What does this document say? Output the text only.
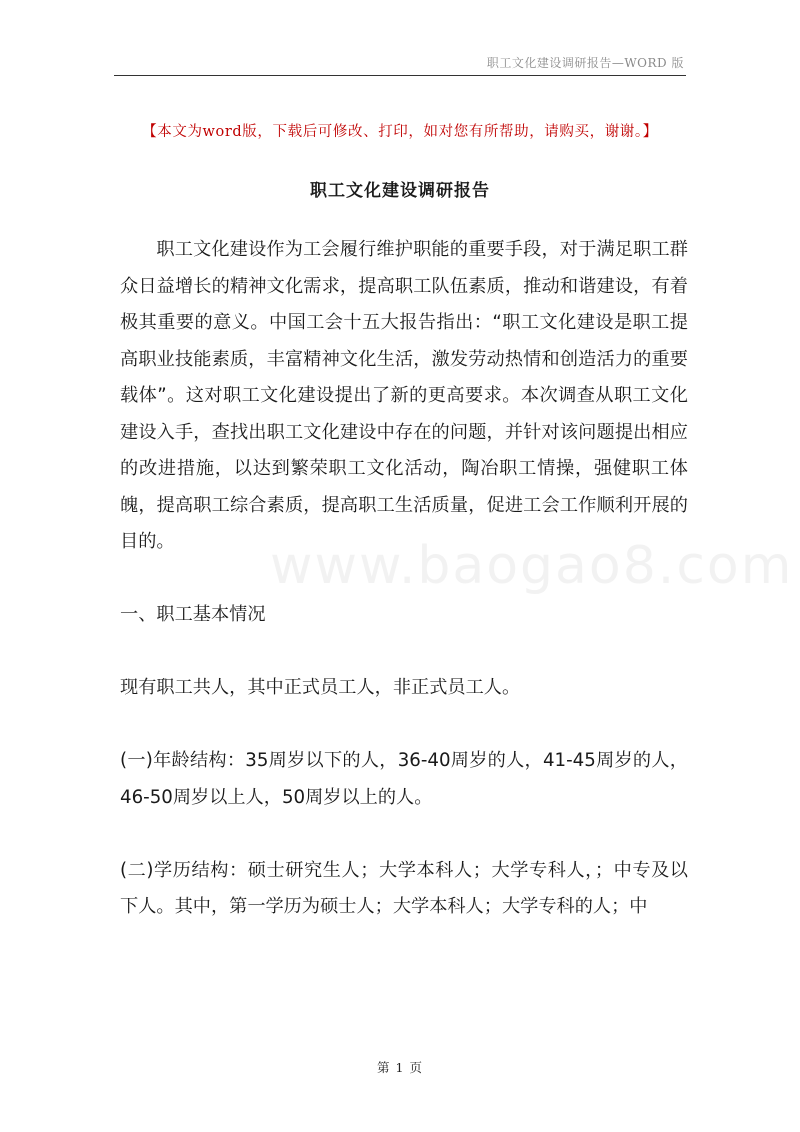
职工文化建设调研报告—WORD 版
【本文为word版，下载后可修改、打印，如对您有所帮助，请购买，谢谢。】
职工文化建设调研报告
www.baogao8.com

职工文化建设作为工会履行维护职能的重要手段，对于满足职工群众日益增长的精神文化需求，提高职工队伍素质，推动和谐建设，有着极其重要的意义。中国工会十五大报告指出：“职工文化建设是职工提高职业技能素质，丰富精神文化生活，激发劳动热情和创造活力的重要载体”。这对职工文化建设提出了新的更高要求。本次调查从职工文化建设入手，查找出职工文化建设中存在的问题，并针对该问题提出相应的改进措施，以达到繁荣职工文化活动，陶冶职工情操，强健职工体魄，提高职工综合素质，提高职工生活质量，促进工会工作顺利开展的目的。

一、职工基本情况

现有职工共人，其中正式员工人，非正式员工人。

(一)年龄结构：35周岁以下的人，36-40周岁的人，41-45周岁的人，46-50周岁以上人，50周岁以上的人。

(二)学历结构：硕士研究生人；大学本科人；大学专科人，；中专及以下人。其中，第一学历为硕士人；大学本科人；大学专科的人；中

第 1 页
